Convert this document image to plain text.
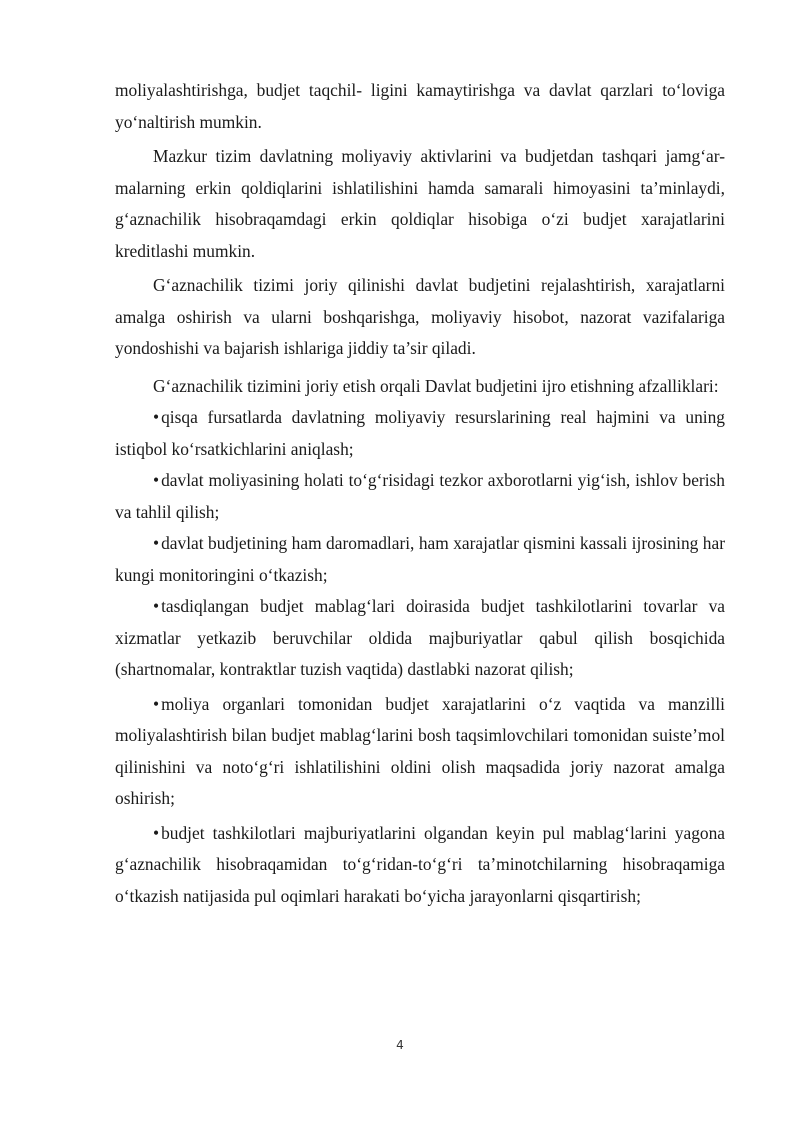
moliyalashtirishga, budjet taqchil- ligini kamaytirishga va davlat qarzlari to‘loviga yo‘naltirish mumkin.

Mazkur tizim davlatning moliyaviy aktivlarini va budjetdan tashqari jamg‘ar-malarning erkin qoldiqlarini ishlatilishini hamda samarali himoyasini ta’minlaydi, g‘aznachilik hisobraqamdagi erkin qoldiqlar hisobiga o‘zi budjet xarajatlarini kreditlashi mumkin.

G‘aznachilik tizimi joriy qilinishi davlat budjetini rejalashtirish, xarajatlarni amalga oshirish va ularni boshqarishga, moliyaviy hisobot, nazorat vazifalariga yondoshishi va bajarish ishlariga jiddiy ta’sir qiladi.

G‘aznachilik tizimini joriy etish orqali Davlat budjetini ijro etishning afzalliklari:

• qisqa fursatlarda davlatning moliyaviy resurslarining real hajmini va uning istiqbol ko‘rsatkichlarini aniqlash;

• davlat moliyasining holati to‘g‘risidagi tezkor axborotlarni yig‘ish, ishlov berish va tahlil qilish;

• davlat budjetining ham daromadlari, ham xarajatlar qismini kassali ijrosining har kungi monitoringini o‘tkazish;

• tasdiqlangan budjet mablag‘lari doirasida budjet tashkilotlarini tovarlar va xizmatlar yetkazib beruvchilar oldida majburiyatlar qabul qilish bosqichida (shartnomalar, kontraktlar tuzish vaqtida) dastlabki nazorat qilish;

• moliya organlari tomonidan budjet xarajatlarini o‘z vaqtida va manzilli moliyalashtirish bilan budjet mablag‘larini bosh taqsimlovchilari tomonidan suiste’mol qilinishini va noto‘g‘ri ishlatilishini oldini olish maqsadida joriy nazorat amalga oshirish;

• budjet tashkilotlari majburiyatlarini olgandan keyin pul mablag‘larini yagona g‘aznachilik hisobraqamidan to‘g‘ridan-to‘g‘ri ta’minotchilarning hisobraqamiga o‘tkazish natijasida pul oqimlari harakati bo‘yicha jarayonlarni qisqartirish;

4
